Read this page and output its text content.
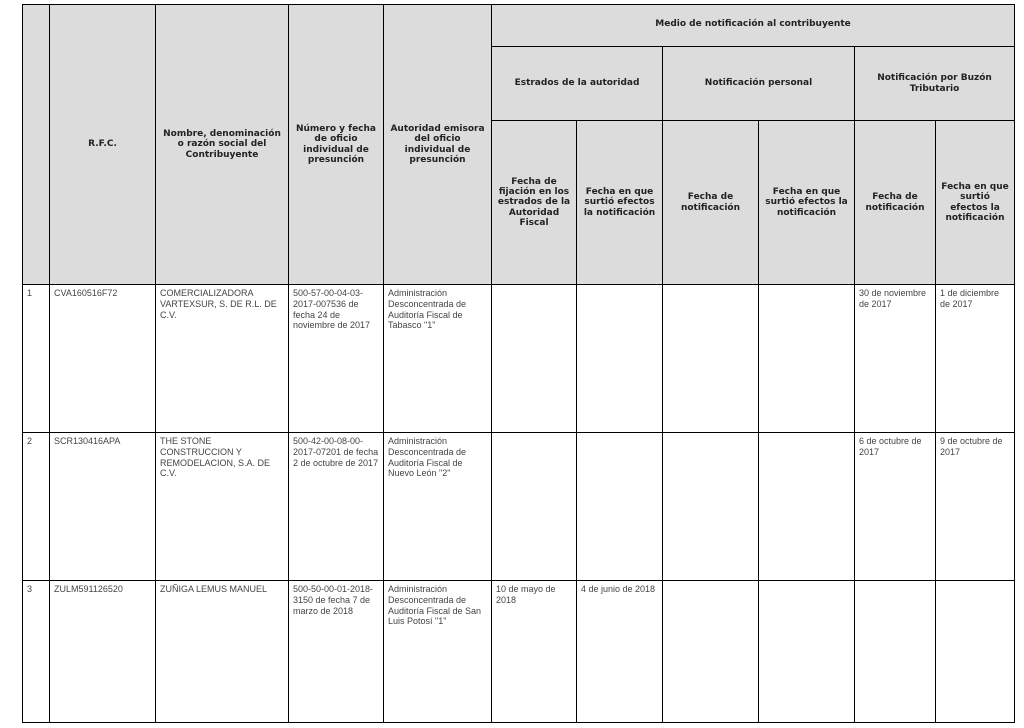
	R.F.C.	Nombre, denominación o razón social del Contribuyente	Número y fecha de oficio individual de presunción	Autoridad emisora del oficio individual de presunción	Medio de notificación al contribuyente					
					Estrados de la autoridad		Notificación personal		Notificación por Buzón Tributario	
					Fecha de fijación en los estrados de la Autoridad Fiscal	Fecha en que surtió efectos la notificación	Fecha de notificación	Fecha en que surtió efectos la notificación	Fecha de notificación	Fecha en que surtió efectos la notificación
1	CVA160516F72	COMERCIALIZADORA VARTEXSUR, S. DE R.L. DE C.V.	500-57-00-04-03-2017-007536 de fecha 24 de noviembre de 2017	Administración Desconcentrada de Auditoría Fiscal de Tabasco "1"					30 de noviembre de 2017	1 de diciembre de 2017
2	SCR130416APA	THE STONE CONSTRUCCION Y REMODELACION, S.A. DE C.V.	500-42-00-08-00-2017-07201 de fecha 2 de octubre de 2017	Administración Desconcentrada de Auditoría Fiscal de Nuevo León "2"					6 de octubre de 2017	9 de octubre de 2017
3	ZULM591126520	ZUÑIGA LEMUS MANUEL	500-50-00-01-2018-3150 de fecha 7 de marzo de 2018	Administración Desconcentrada de Auditoría Fiscal de San Luis Potosí "1"	10 de mayo de 2018	4 de junio de 2018				
